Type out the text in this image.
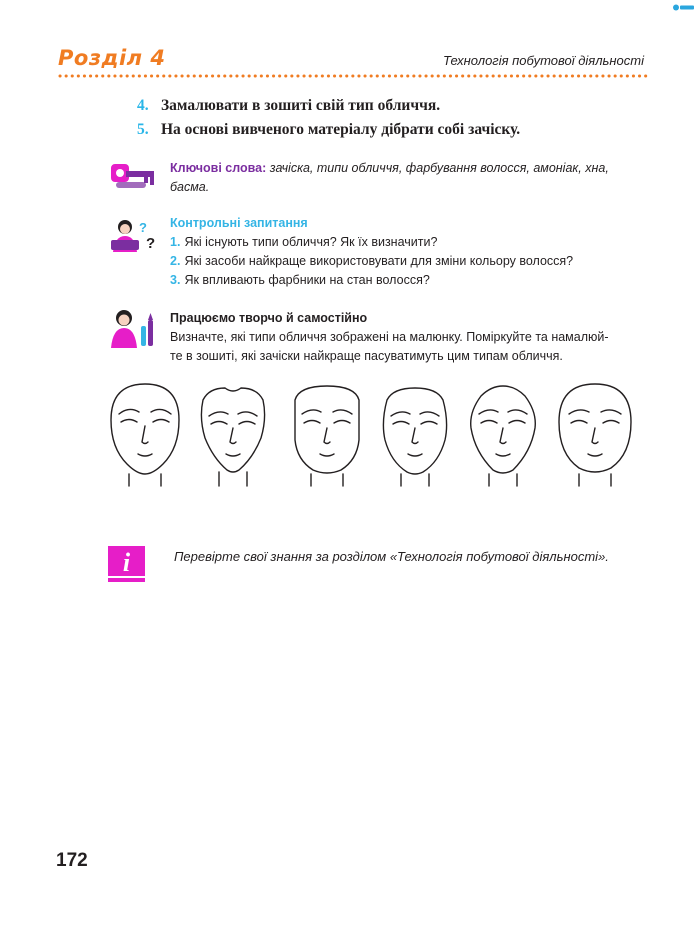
Розділ 4	Технологія побутової діяльності
4. Замалювати в зошиті свій тип обличчя.
5. На основі вивченого матеріалу дібрати собі зачіску.
Ключові слова: зачіска, типи обличчя, фарбування волосся, амоніак, хна,
басма.
?
?
Контрольні запитання
1. Які існують типи обличчя? Як їх визначити?
2. Які засоби найкраще використовувати для зміни кольору волосся?
3. Як впливають фарбники на стан волосся?
Працюємо творчо й самостійно
Визначте, які типи обличчя зображені на малюнку. Поміркуйте та намалюй-
те в зошиті, які зачіски найкраще пасуватимуть цим типам обличчя.
i	Перевірте свої знання за розділом «Технологія побутової діяльності».
172
